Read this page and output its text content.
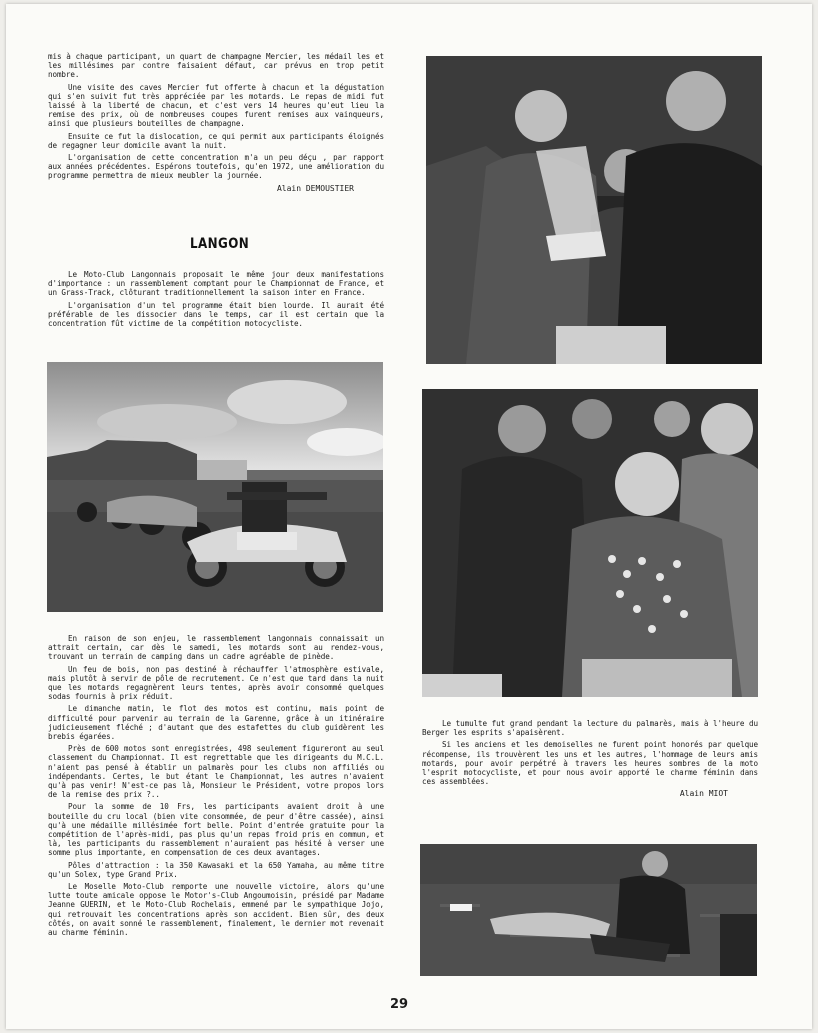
mis à chaque participant, un quart de champagne Mercier, les médail les et les millésimes par contre faisaient défaut, car prévus en trop petit nombre.

Une visite des caves Mercier fut offerte à chacun et la dégustation qui s'en suivit fut très appréciée par les motards. Le repas de midi fut laissé à la liberté de chacun, et c'est vers 14 heures qu'eut lieu la remise des prix, où de nombreuses coupes furent remises aux vainqueurs, ainsi que plusieurs bouteilles de champagne.

Ensuite ce fut la dislocation, ce qui permit aux participants éloignés de regagner leur domicile avant la nuit.

L'organisation de cette concentration m'a un peu déçu , par rapport aux années précédentes. Espérons toutefois, qu'en 1972, une amélioration du programme permettra de mieux meubler la journée.

Alain DEMOUSTIER
LANGON

Le Moto-Club Langonnais proposait le même jour deux manifestations d'importance : un rassemblement comptant pour le Championnat de France, et un Grass-Track, clôturant traditionnellement la saison inter en France.

L'organisation d'un tel programme était bien lourde. Il aurait été préférable de les dissocier dans le temps, car il est certain que la concentration fût victime de la compétition motocycliste.

En raison de son enjeu, le rassemblement langonnais connaissait un attrait certain, car dès le samedi, les motards sont au rendez-vous, trouvant un terrain de camping dans un cadre agréable de pinède.

Un feu de bois, non pas destiné à réchauffer l'atmosphère estivale, mais plutôt à servir de pôle de recrutement. Ce n'est que tard dans la nuit que les motards regagnèrent leurs tentes, après avoir consommé quelques sodas fournis à prix réduit.

Le dimanche matin, le flot des motos est continu, mais point de difficulté pour parvenir au terrain de la Garenne, grâce à un itinéraire judicieusement fléché ; d'autant que des estafettes du club guidèrent les brebis égarées.

Près de 600 motos sont enregistrées, 498 seulement figureront au seul classement du Championnat. Il est regrettable que les dirigeants du M.C.L. n'aient pas pensé à établir un palmarès pour les clubs non affiliés ou indépendants. Certes, le but étant le Championnat, les autres n'avaient qu'à pas venir! N'est-ce pas là, Monsieur le Président, votre propos lors de la remise des prix ?..

Pour la somme de 10 Frs, les participants avaient droit à une bouteille du cru local (bien vite consommée, de peur d'être cassée), ainsi qu'à une médaille millésimée fort belle. Point d'entrée gratuite pour la compétition de l'après-midi, pas plus qu'un repas froid pris en commun, et là, les participants du rassemblement n'auraient pas hésité à verser une somme plus importante, en compensation de ces deux avantages.

Pôles d'attraction : la 350 Kawasaki et la 650 Yamaha, au même titre qu'un Solex, type Grand Prix.

Le Moselle Moto-Club remporte une nouvelle victoire, alors qu'une lutte toute amicale oppose le Motor's-Club Angoumoisin, présidé par Madame Jeanne GUERIN, et le Moto-Club Rochelais, emmené par le sympathique Jojo, qui retrouvait les concentrations après son accident. Bien sûr, des deux côtés, on avait sonné le rassemblement, finalement, le dernier mot revenait au charme féminin.

Le tumulte fut grand pendant la lecture du palmarès, mais à l'heure du Berger les esprits s'apaisèrent.

Si les anciens et les demoiselles ne furent point honorés par quelque récompense, ils trouvèrent les uns et les autres, l'hommage de leurs amis motards, pour avoir perpétré à travers les heures sombres de la moto l'esprit motocycliste, et pour nous avoir apporté le charme féminin dans ces assemblées.

Alain MIOT
29
